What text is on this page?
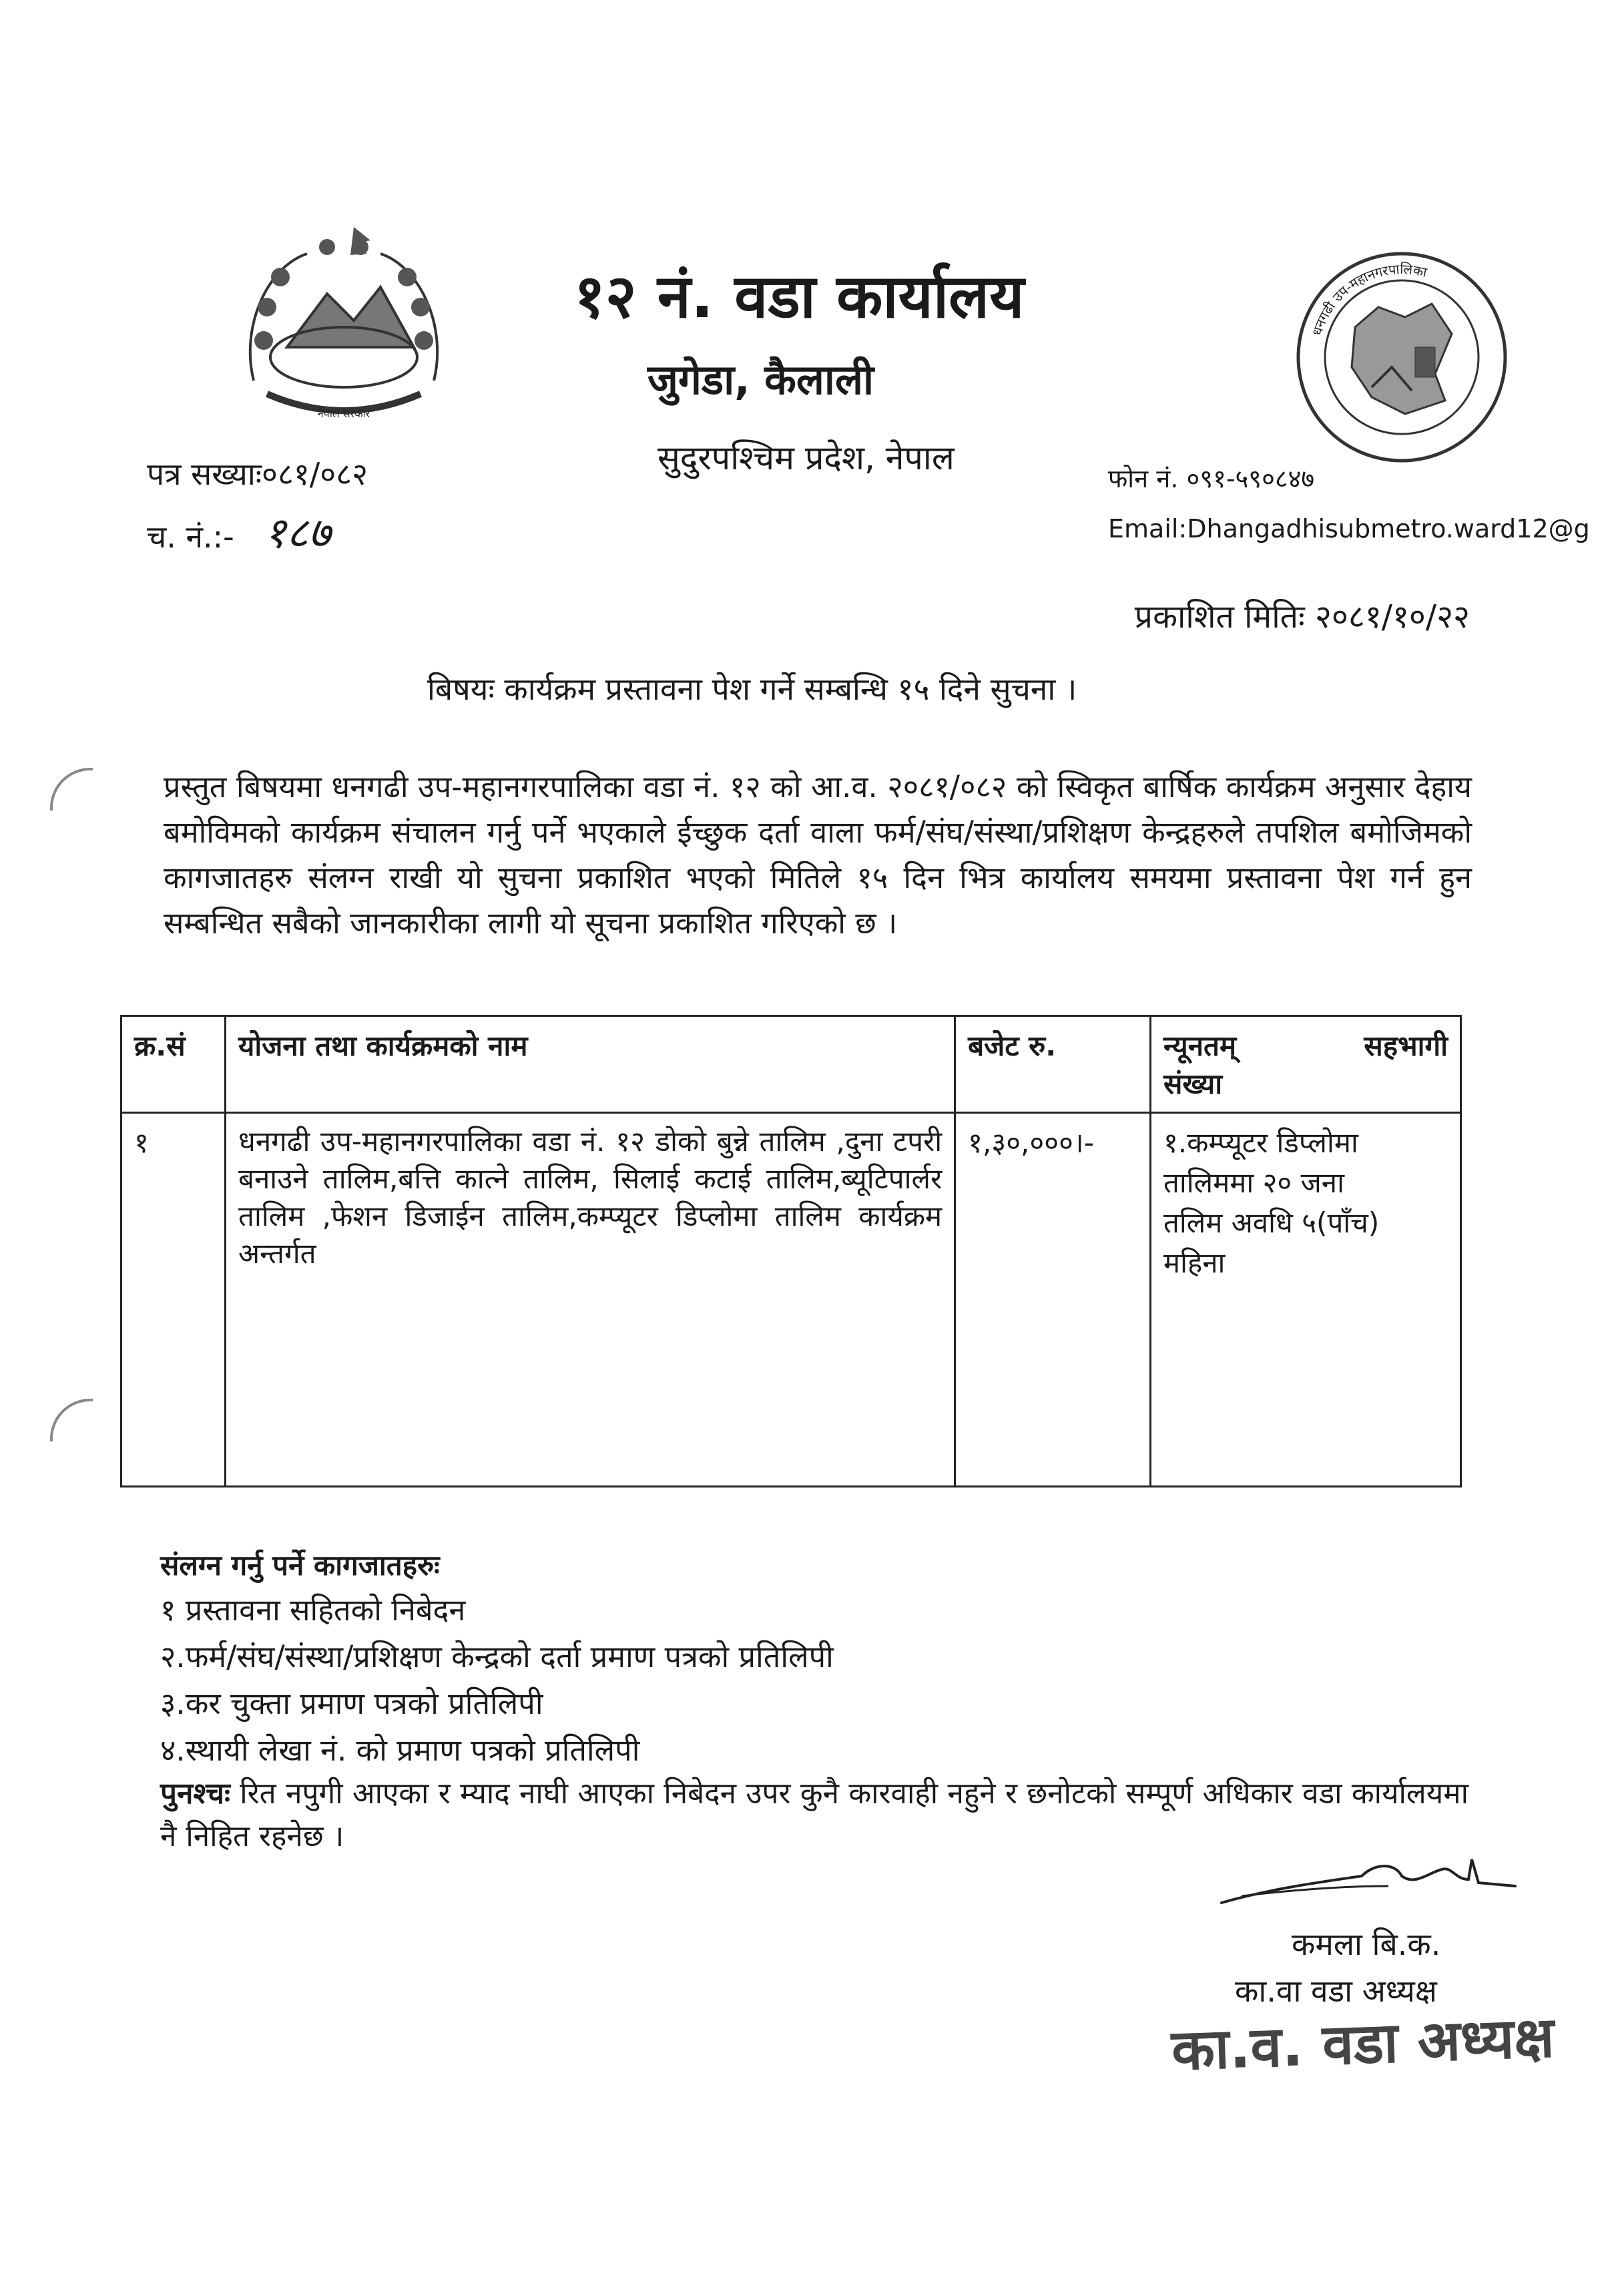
नेपाल सरकार
१२ नं. वडा कार्यालय
जुगेडा, कैलाली
सुदुरपश्चिम प्रदेश, नेपाल
धनगढी उप-महानगरपालिका
पत्र सख्याः०८१/०८२
च. नं.:- १८७
फोन नं. ०९१-५९०८४७
Email:Dhangadhisubmetro.ward12@g
प्रकाशित मितिः २०८१/१०/२२
बिषयः कार्यक्रम प्रस्तावना पेश गर्ने सम्बन्धि १५ दिने सुचना ।
प्रस्तुत बिषयमा धनगढी उप-महानगरपालिका वडा नं. १२ को आ.व. २०८१/०८२ को स्विकृत बार्षिक कार्यक्रम अनुसार देहाय बमोविमको कार्यक्रम संचालन गर्नु पर्ने भएकाले ईच्छुक दर्ता वाला फर्म/संघ/संस्था/प्रशिक्षण केन्द्रहरुले तपशिल बमोजिमको कागजातहरु संलग्न राखी यो सुचना प्रकाशित भएको मितिले १५ दिन भित्र कार्यालय समयमा प्रस्तावना पेश गर्न हुन सम्बन्धित सबैको जानकारीका लागी यो सूचना प्रकाशित गरिएको छ ।
क्र.सं	योजना तथा कार्यक्रमको नाम	बजेट रु.	न्यूनतम् सहभागी
संख्या

१	धनगढी उप-महानगरपालिका वडा नं. १२ डोको बुन्ने तालिम ,दुना टपरी बनाउने तालिम,बत्ति कात्ने तालिम, सिलाई कटाई तालिम,ब्यूटिपार्लर तालिम ,फेशन डिजाईन तालिम,कम्प्यूटर डिप्लोमा तालिम कार्यक्रम अन्तर्गत	१,३०,०००।-	१.कम्प्यूटर डिप्लोमा
तालिममा २० जना
तलिम अवधि ५(पाँच)
महिना
संलग्न गर्नु पर्ने कागजातहरुः
१ प्रस्तावना सहितको निबेदन
२.फर्म/संघ/संस्था/प्रशिक्षण केन्द्रको दर्ता प्रमाण पत्रको प्रतिलिपी
३.कर चुक्ता प्रमाण पत्रको प्रतिलिपी
४.स्थायी लेखा नं. को प्रमाण पत्रको प्रतिलिपी
पुनश्चः रित नपुगी आएका र म्याद नाघी आएका निबेदन उपर कुनै कारवाही नहुने र छनोटको सम्पूर्ण अधिकार वडा कार्यालयमा नै निहित रहनेछ ।
कमला बि.क.
का.वा वडा अध्यक्ष
का.व. वडा अध्यक्ष
